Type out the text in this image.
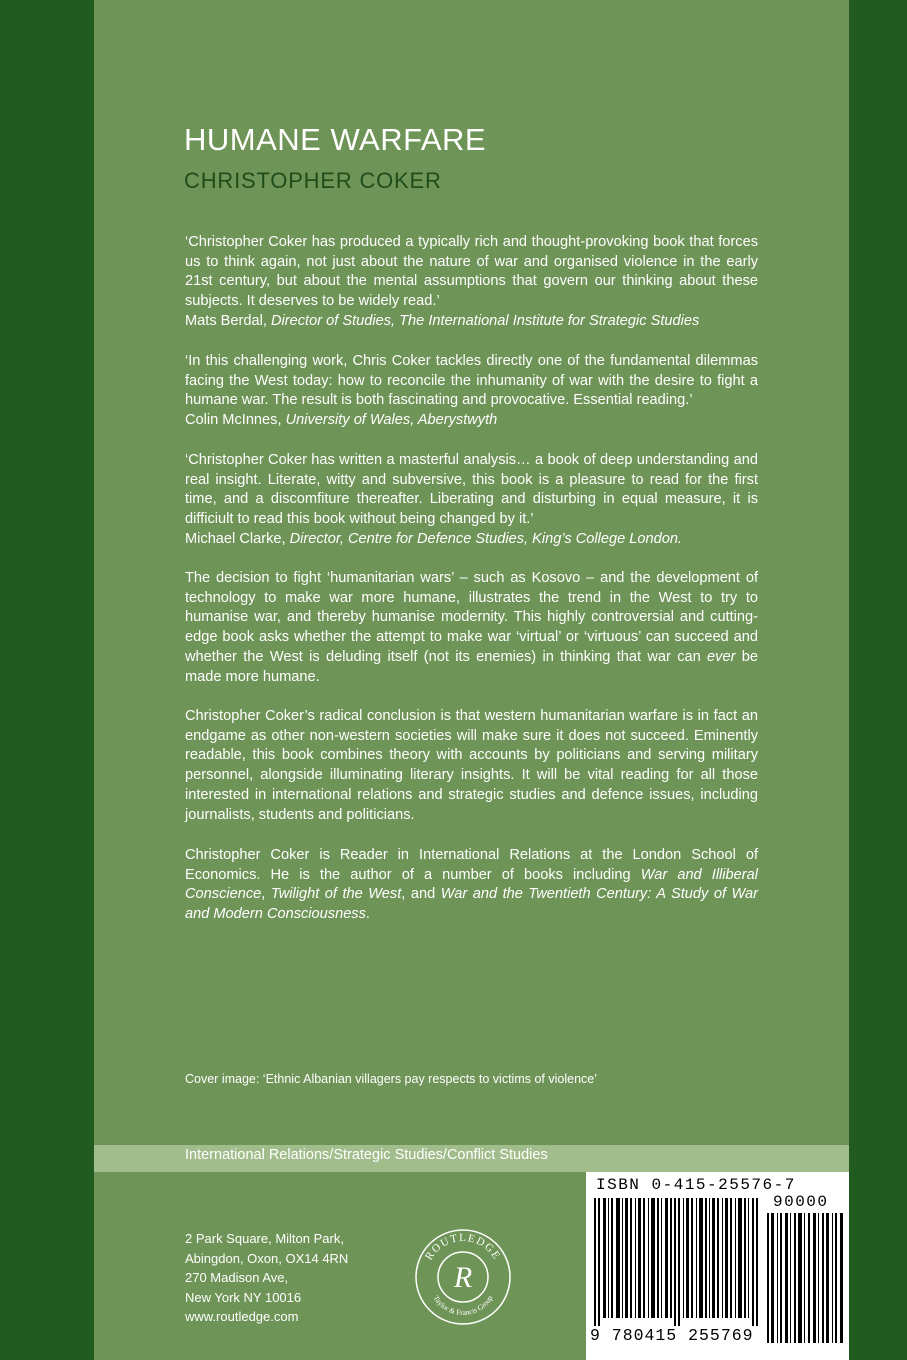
HUMANE WARFARE
CHRISTOPHER COKER

‘Christopher Coker has produced a typically rich and thought-provoking book that forces us to think again, not just about the nature of war and organised violence in the early 21st century, but about the mental assumptions that govern our thinking about these subjects. It deserves to be widely read.’

Mats Berdal, Director of Studies, The International Institute for Strategic Studies

‘In this challenging work, Chris Coker tackles directly one of the fundamental dilemmas facing the West today: how to reconcile the inhumanity of war with the desire to fight a humane war. The result is both fascinating and provocative. Essential reading.’

Colin McInnes, University of Wales, Aberystwyth

‘Christopher Coker has written a masterful analysis… a book of deep understanding and real insight. Literate, witty and subversive, this book is a pleasure to read for the first time, and a discomfiture thereafter. Liberating and disturbing in equal measure, it is difficiult to read this book without being changed by it.’

Michael Clarke, Director, Centre for Defence Studies, King’s College London.

The decision to fight ‘humanitarian wars’ – such as Kosovo – and the development of technology to make war more humane, illustrates the trend in the West to try to humanise war, and thereby humanise modernity. This highly controversial and cutting-edge book asks whether the attempt to make war ‘virtual’ or ‘virtuous’ can succeed and whether the West is deluding itself (not its enemies) in thinking that war can ever be made more humane.

Christopher Coker’s radical conclusion is that western humanitarian warfare is in fact an endgame as other non-western societies will make sure it does not succeed. Eminently readable, this book combines theory with accounts by politicians and serving military personnel, alongside illuminating literary insights. It will be vital reading for all those interested in international relations and strategic studies and defence issues, including journalists, students and politicians.

Christopher Coker is Reader in International Relations at the London School of Economics. He is the author of a number of books including War and Illiberal Conscience, Twilight of the West, and War and the Twentieth Century: A Study of War and Modern Consciousness.

Cover image: ‘Ethnic Albanian villagers pay respects to victims of violence’
International Relations/Strategic Studies/Conflict Studies
2 Park Square, Milton Park,
Abingdon, Oxon, OX14 4RN
270 Madison Ave,
New York NY 10016
www.routledge.com
ROUTLEDGE
Taylor & Francis Group
R
ISBN 0-415-25576-7
90000
9 780415 255769
